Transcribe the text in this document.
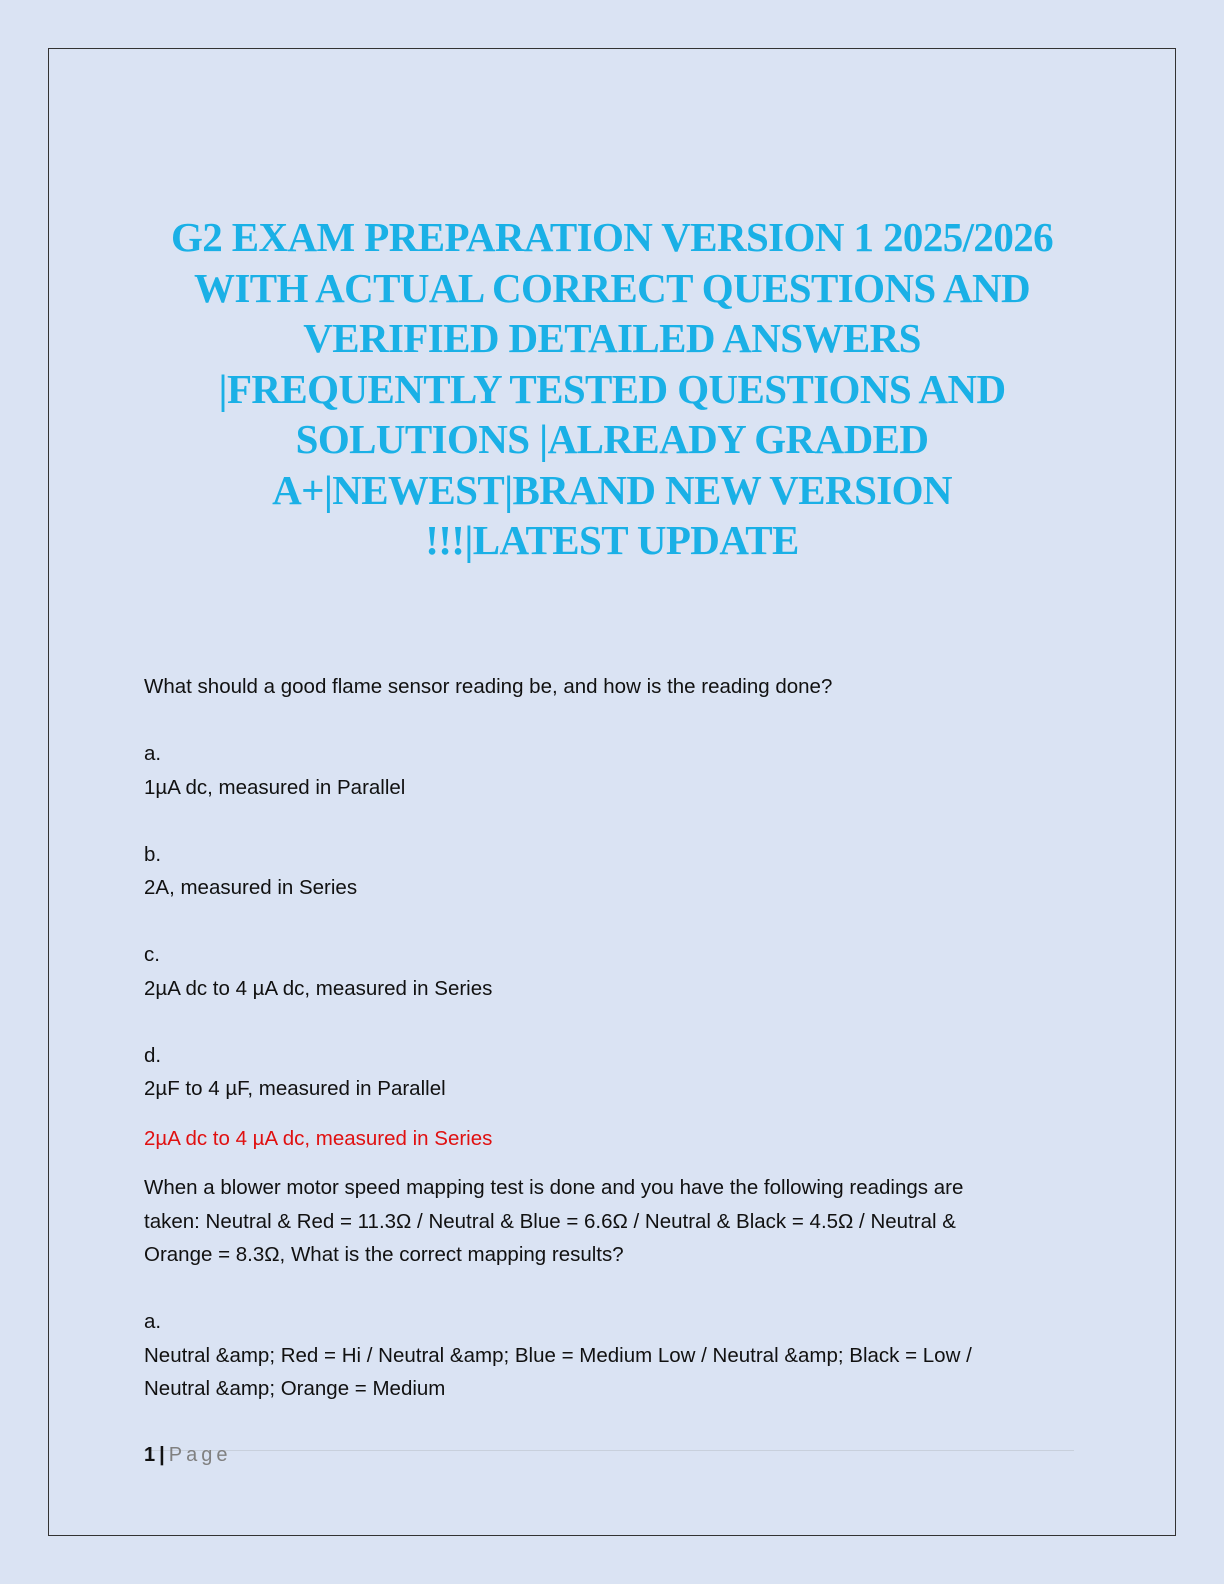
G2 EXAM PREPARATION VERSION 1 2025/2026
WITH ACTUAL CORRECT QUESTIONS AND
VERIFIED DETAILED ANSWERS
|FREQUENTLY TESTED QUESTIONS AND
SOLUTIONS |ALREADY GRADED
A+|NEWEST|BRAND NEW VERSION
!!!|LATEST UPDATE

What should a good flame sensor reading be, and how is the reading done?

a.

1µA dc, measured in Parallel

b.

2A, measured in Series

c.

2µA dc to 4 µA dc, measured in Series

d.

2µF to 4 µF, measured in Parallel

2µA dc to 4 µA dc, measured in Series

When a blower motor speed mapping test is done and you have the following readings are

taken: Neutral & Red = 11.3Ω / Neutral & Blue = 6.6Ω / Neutral & Black = 4.5Ω / Neutral &

Orange = 8.3Ω, What is the correct mapping results?

a.

Neutral &amp; Red = Hi / Neutral &amp; Blue = Medium Low / Neutral &amp; Black = Low /

Neutral &amp; Orange = Medium

1 | Page
